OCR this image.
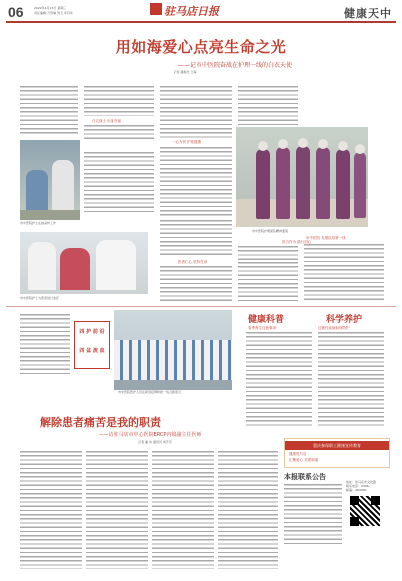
06	2022年4月13日 星期三
责任编辑:万雪琳 刘飞 李丹华	驻马店日报	健康天中
用如海爱心点亮生命之光
——记市中医院奋战在护理一线的白衣天使
记者 潘春光 王海
白衣战士 出征在前
一心为民 护佑健康
市中医院护理团队精神面貌
市中医院护士在做采样工作
市中医院护士为患者进行治疗
担当作为 践行初心
医者仁心 坚持在身
市中医院 支援抗疫第一线
四 护 前 沿
四 盆 流 血
市中医院医护人员在新冠疫情防控一线合影留念
健康科普	科学养护
春季养生注意事项	过敏性疾病如何防护
重庆参保职工健康宣传教育
健康驻马店
汇聚爱心 共建和谐
解除患者痛苦是我的职责
——访驻马店市中心医院ERCP内镜副主任医师
记者 潘 伟 通讯员 刘芳芳
本报联系公告
地址：驻马店市文化路
联系电话：0396-
邮编：463000
